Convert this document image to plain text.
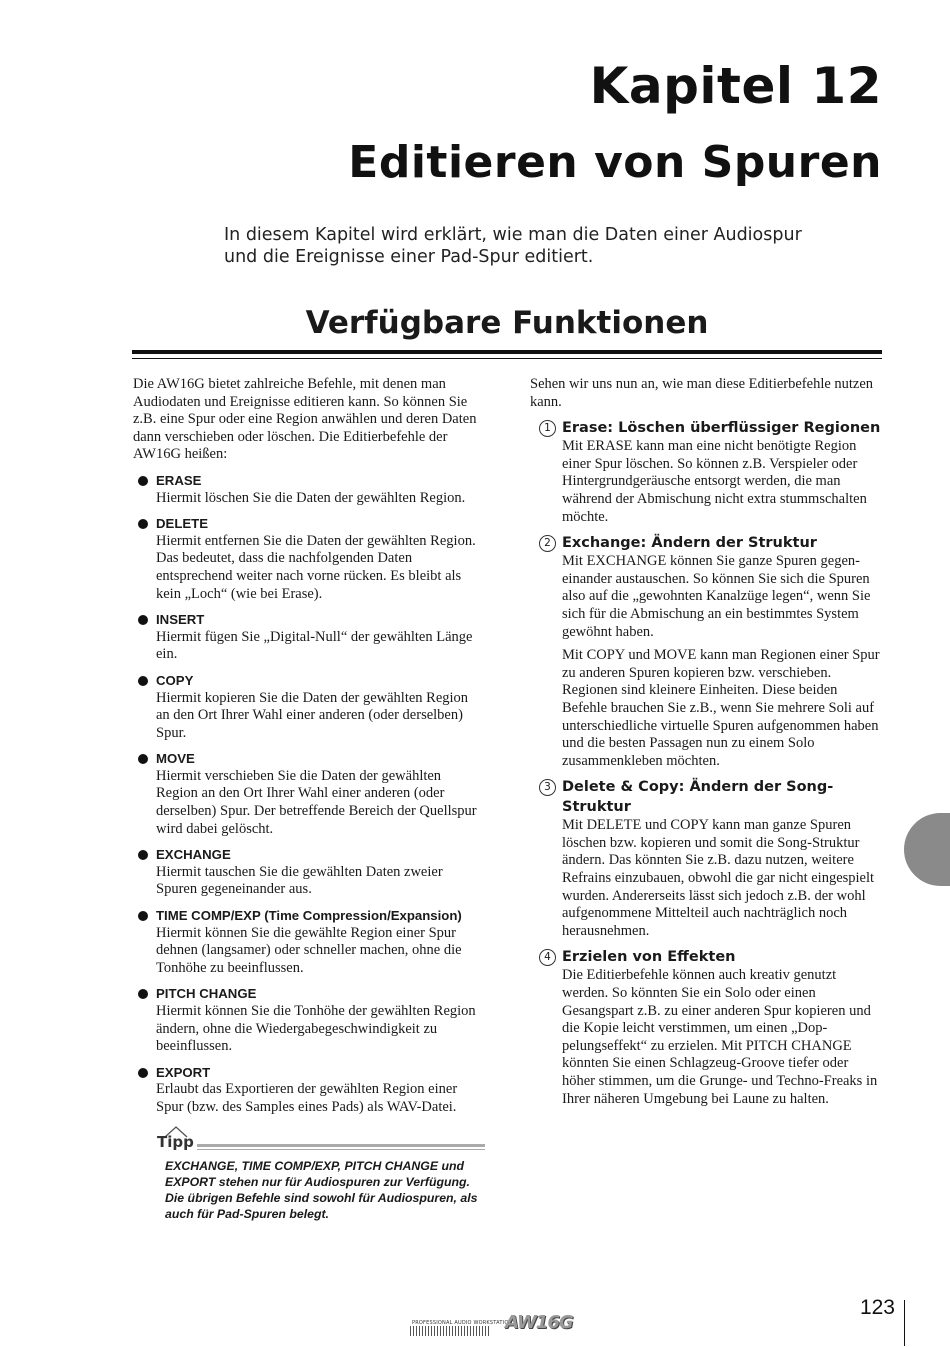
Kapitel 12
Editieren von Spuren
In diesem Kapitel wird erklärt, wie man die Daten einer Audiospur und die Ereignisse einer Pad-Spur editiert.
Verfügbare Funktionen

Die AW16G bietet zahlreiche Befehle, mit denen man Audiodaten und Ereignisse editieren kann. So können Sie z.B. eine Spur oder eine Region anwählen und deren Daten dann verschieben oder löschen. Die Editierbefehle der AW16G heißen:

ERASE
Hiermit löschen Sie die Daten der gewählten Region.
DELETE
Hiermit entfernen Sie die Daten der gewählten Region. Das bedeutet, dass die nachfolgenden Daten entsprechend weiter nach vorne rücken. Es bleibt als kein „Loch“ (wie bei Erase).
INSERT
Hiermit fügen Sie „Digital-Null“ der gewählten Länge ein.
COPY
Hiermit kopieren Sie die Daten der gewählten Region an den Ort Ihrer Wahl einer anderen (oder derselben) Spur.
MOVE
Hiermit verschieben Sie die Daten der gewählten Region an den Ort Ihrer Wahl einer anderen (oder derselben) Spur. Der betreffende Bereich der Quellspur wird dabei gelöscht.
EXCHANGE
Hiermit tauschen Sie die gewählten Daten zweier Spuren gegeneinander aus.
TIME COMP/EXP (Time Compression/Expansion)
Hiermit können Sie die gewählte Region einer Spur dehnen (langsamer) oder schneller machen, ohne die Tonhöhe zu beeinflussen.
PITCH CHANGE
Hiermit können Sie die Tonhöhe der gewählten Region ändern, ohne die Wiedergabegeschwindigkeit zu beeinflussen.
EXPORT
Erlaubt das Exportieren der gewählten Region einer Spur (bzw. des Samples eines Pads) als WAV-Datei.

Sehen wir uns nun an, wie man diese Editierbefehle nutzen kann.

1 Erase: Löschen überflüssiger Regionen

Mit ERASE kann man eine nicht benötigte Region einer Spur löschen. So können z.B. Verspieler oder Hintergrundgeräusche entsorgt werden, die man während der Abmischung nicht extra stummschalten möchte.

2 Exchange: Ändern der Struktur

Mit EXCHANGE können Sie ganze Spuren gegeneinander austauschen. So können Sie sich die Spuren also auf die „gewohnten Kanalzüge legen“, wenn Sie sich für die Abmischung an ein bestimmtes System gewöhnt haben.

Mit COPY und MOVE kann man Regionen einer Spur zu anderen Spuren kopieren bzw. verschieben. Regionen sind kleinere Einheiten. Diese beiden Befehle brauchen Sie z.B., wenn Sie mehrere Soli auf unterschiedliche virtuelle Spuren aufgenommen haben und die besten Passagen nun zu einem Solo zusammenkleben möchten.

3 Delete & Copy: Ändern der Song-Struktur

Mit DELETE und COPY kann man ganze Spuren löschen bzw. kopieren und somit die Song-Struktur ändern. Das könnten Sie z.B. dazu nutzen, weitere Refrains einzubauen, obwohl die gar nicht eingespielt wurden. Andererseits lässt sich jedoch z.B. der wohl aufgenommene Mittelteil auch nachträglich noch herausnehmen.

4 Erzielen von Effekten

Die Editierbefehle können auch kreativ genutzt werden. So könnten Sie ein Solo oder einen Gesangspart z.B. zu einer anderen Spur kopieren und die Kopie leicht verstimmen, um einen „Doppelungseffekt“ zu erzielen. Mit PITCH CHANGE könnten Sie einen Schlagzeug-Groove tiefer oder höher stimmen, um die Grunge- und Techno-Freaks in Ihrer näheren Umgebung bei Laune zu halten.

Tipp
EXCHANGE, TIME COMP/EXP, PITCH CHANGE und EXPORT stehen nur für Audiospuren zur Verfügung. Die übrigen Befehle sind sowohl für Audiospuren, als auch für Pad-Spuren belegt.
123
PROFESSIONAL AUDIO WORKSTATION
AW16G
